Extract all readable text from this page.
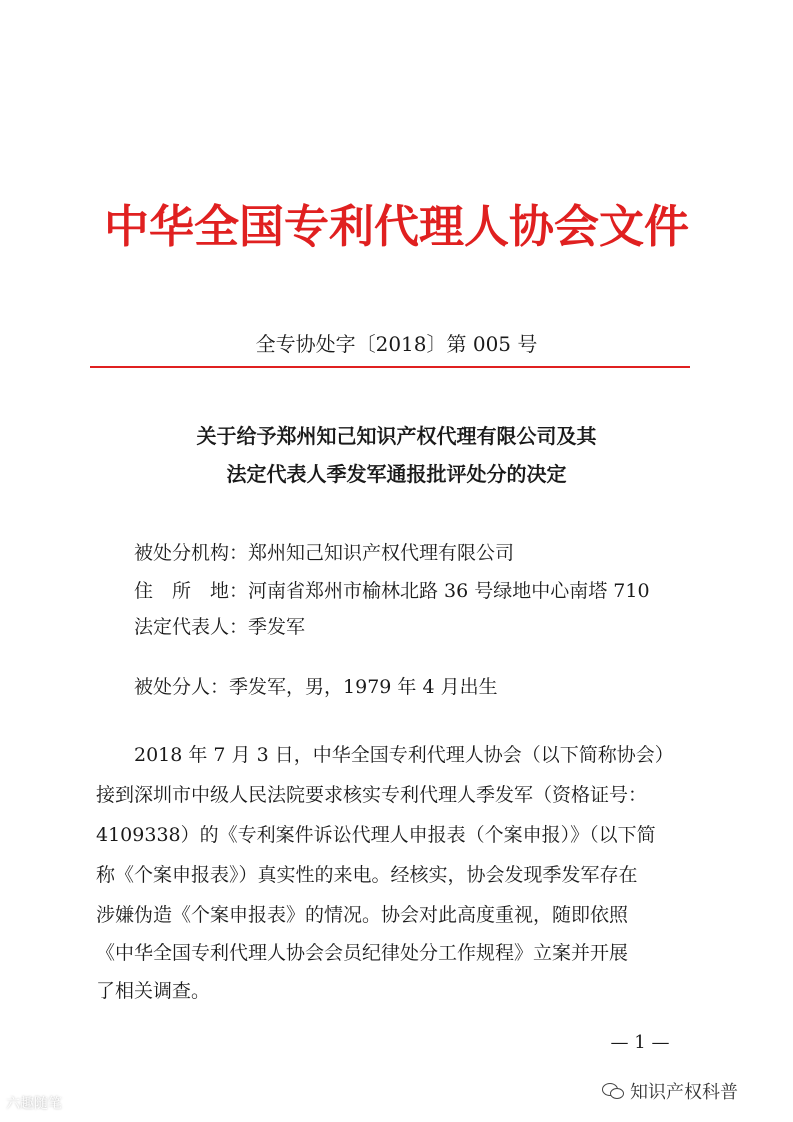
中华全国专利代理人协会文件
全专协处字〔2018〕第 005 号
关于给予郑州知己知识产权代理有限公司及其
法定代表人季发军通报批评处分的决定
被处分机构：郑州知己知识产权代理有限公司
住　所　地：河南省郑州市榆林北路 36 号绿地中心南塔 710
法定代表人：季发军
被处分人：季发军，男，1979 年 4 月出生
2018 年 7 月 3 日，中华全国专利代理人协会（以下简称协会）
接到深圳市中级人民法院要求核实专利代理人季发军（资格证号：
4109338）的《专利案件诉讼代理人申报表（个案申报）》（以下简
称《个案申报表》）真实性的来电。经核实，协会发现季发军存在
涉嫌伪造《个案申报表》的情况。协会对此高度重视，随即依照
《中华全国专利代理人协会会员纪律处分工作规程》立案并开展
了相关调查。
— 1 —
知识产权科普
六趣随笔
